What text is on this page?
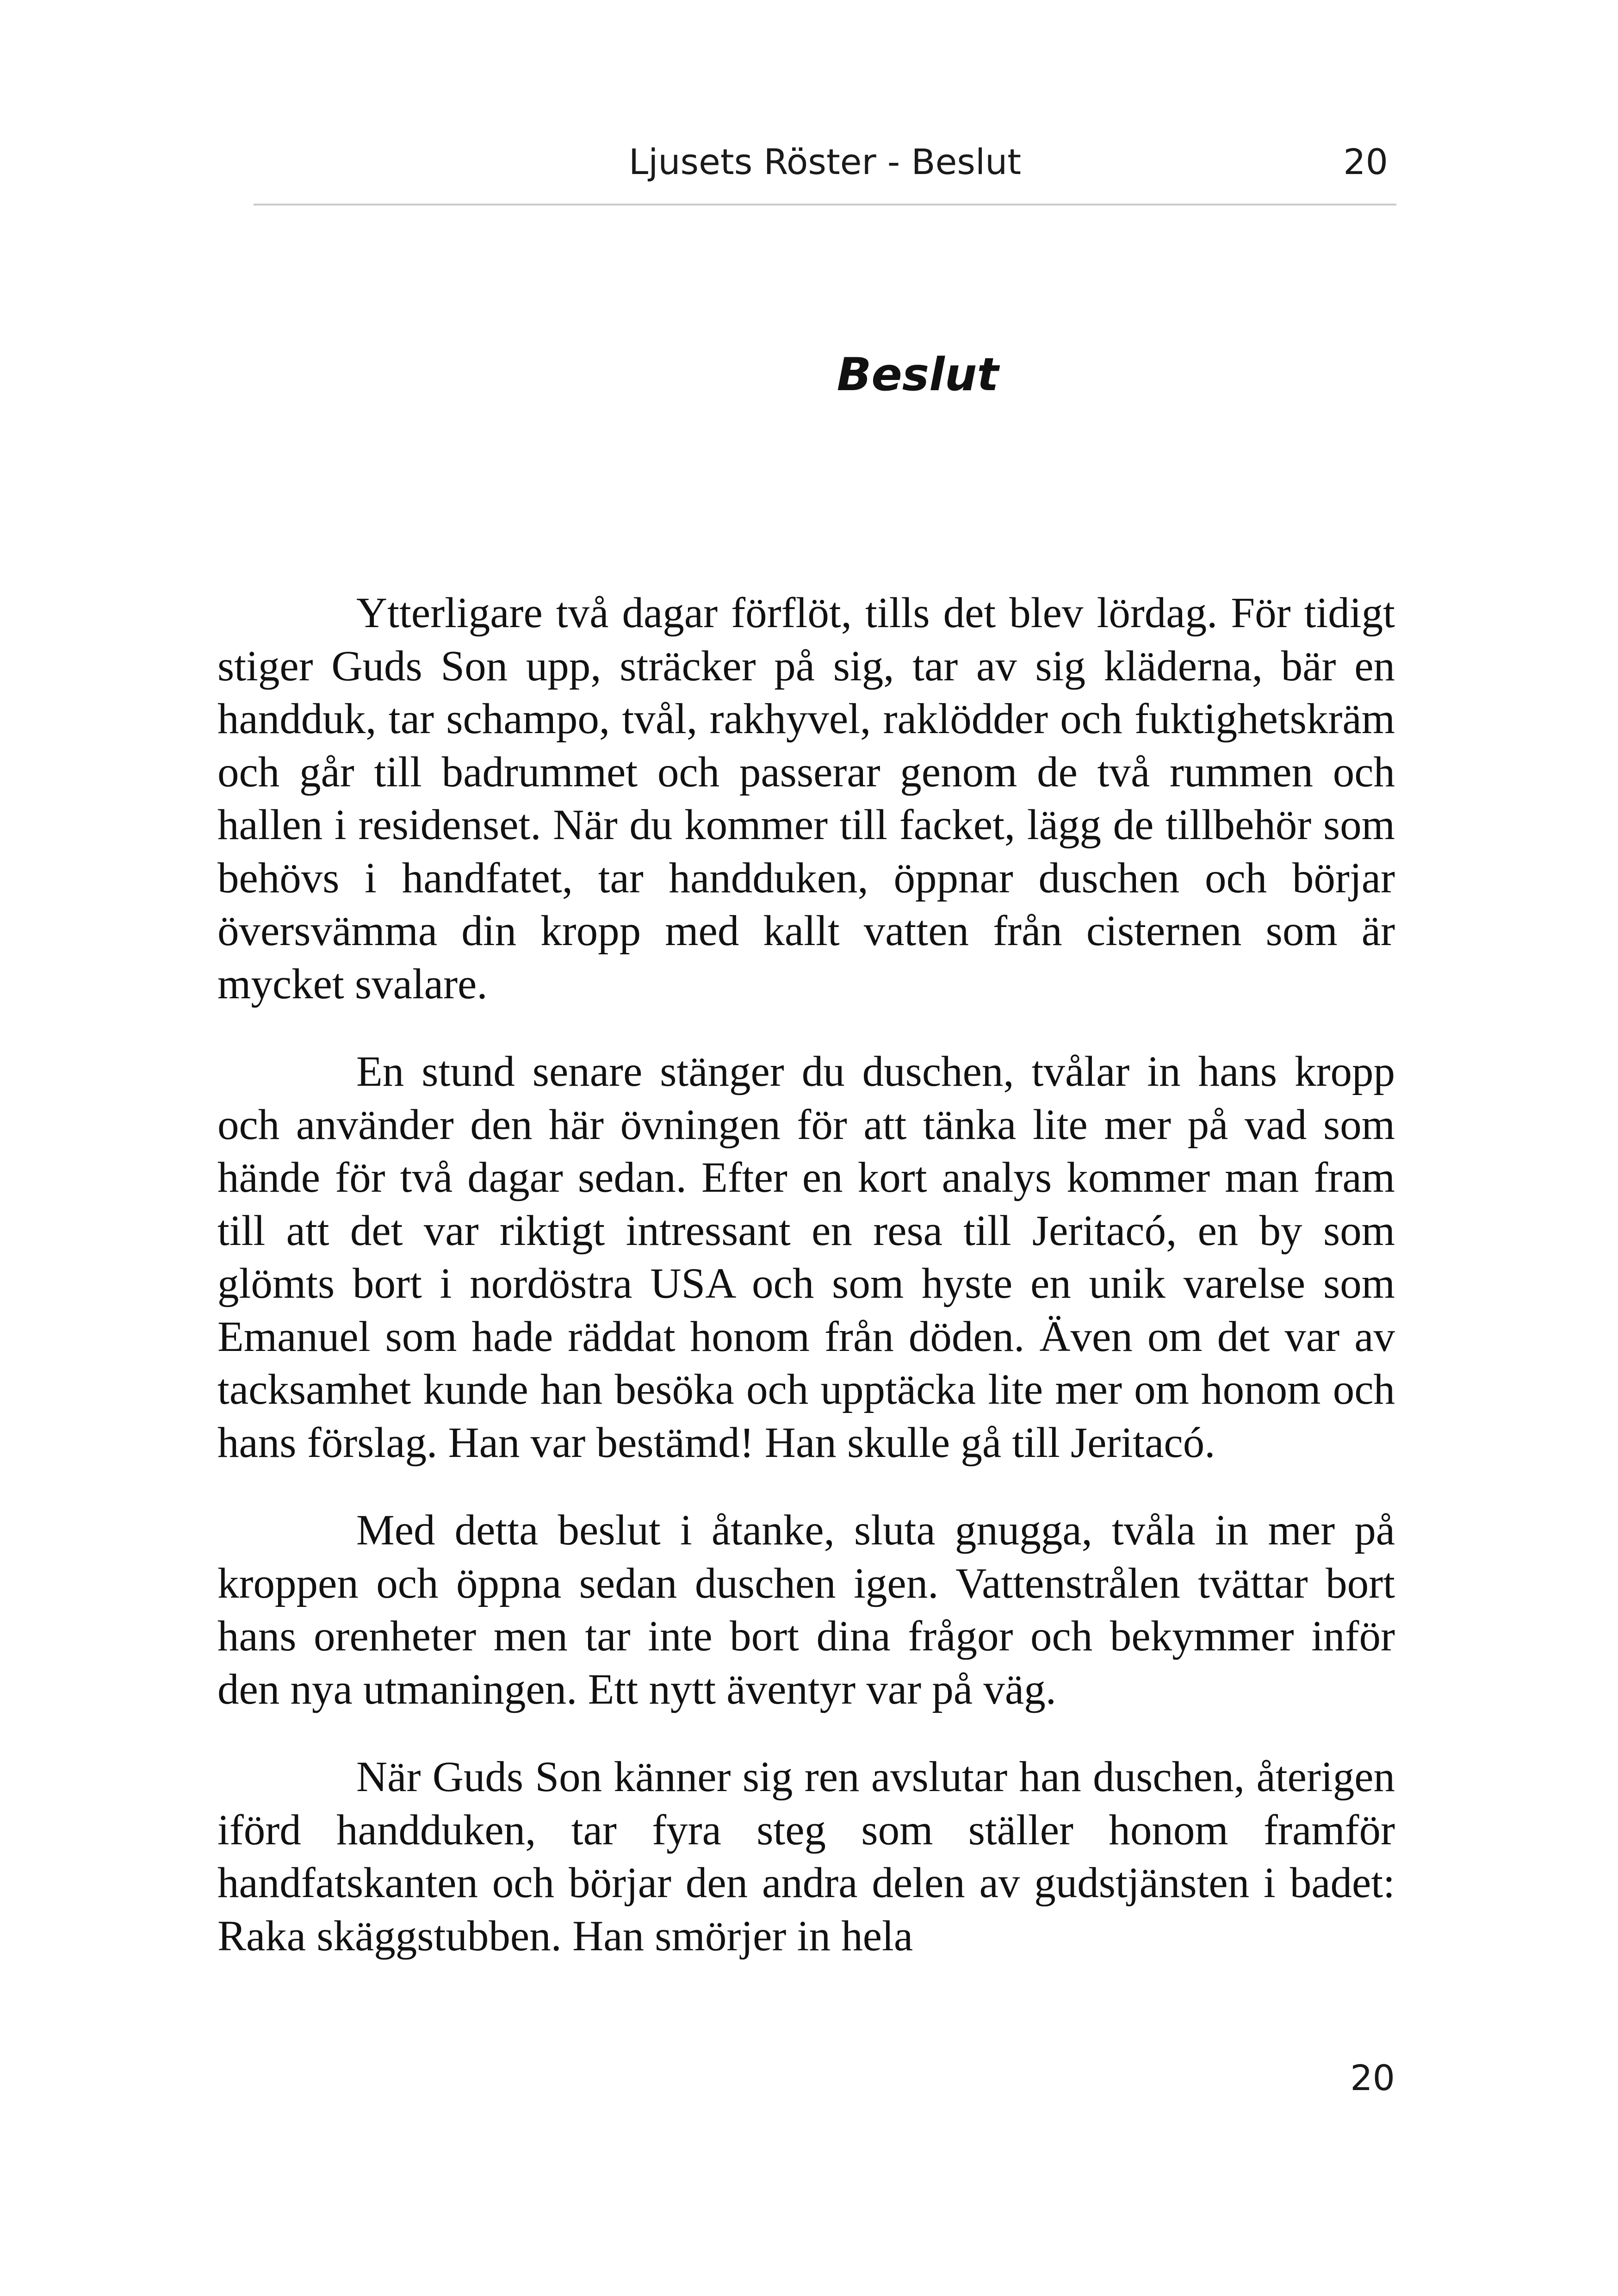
Ljusets Röster - Beslut	20
Beslut

Ytterligare två dagar förflöt, tills det blev lördag. För tidigt stiger Guds Son upp, sträcker på sig, tar av sig kläderna, bär en handduk, tar schampo, tvål, rakhyvel, raklödder och fuktighetskräm och går till badrummet och passerar genom de två rummen och hallen i residenset. När du kommer till facket, lägg de tillbehör som behövs i handfatet, tar handduken, öppnar duschen och börjar översvämma din kropp med kallt vatten från cisternen som är mycket svalare.

En stund senare stänger du duschen, tvålar in hans kropp och använder den här övningen för att tänka lite mer på vad som hände för två dagar sedan. Efter en kort analys kommer man fram till att det var riktigt intressant en resa till Jeritacó, en by som glömts bort i nordöstra USA och som hyste en unik varelse som Emanuel som hade räddat honom från döden. Även om det var av tacksamhet kunde han besöka och upptäcka lite mer om honom och hans förslag. Han var bestämd! Han skulle gå till Jeritacó.

Med detta beslut i åtanke, sluta gnugga, tvåla in mer på kroppen och öppna sedan duschen igen. Vattenstrålen tvättar bort hans orenheter men tar inte bort dina frågor och bekymmer inför den nya utmaningen. Ett nytt äventyr var på väg.

När Guds Son känner sig ren avslutar han duschen, återigen iförd handduken, tar fyra steg som ställer honom framför handfatskanten och börjar den andra delen av gudstjänsten i badet: Raka skäggstubben. Han smörjer in hela

20
